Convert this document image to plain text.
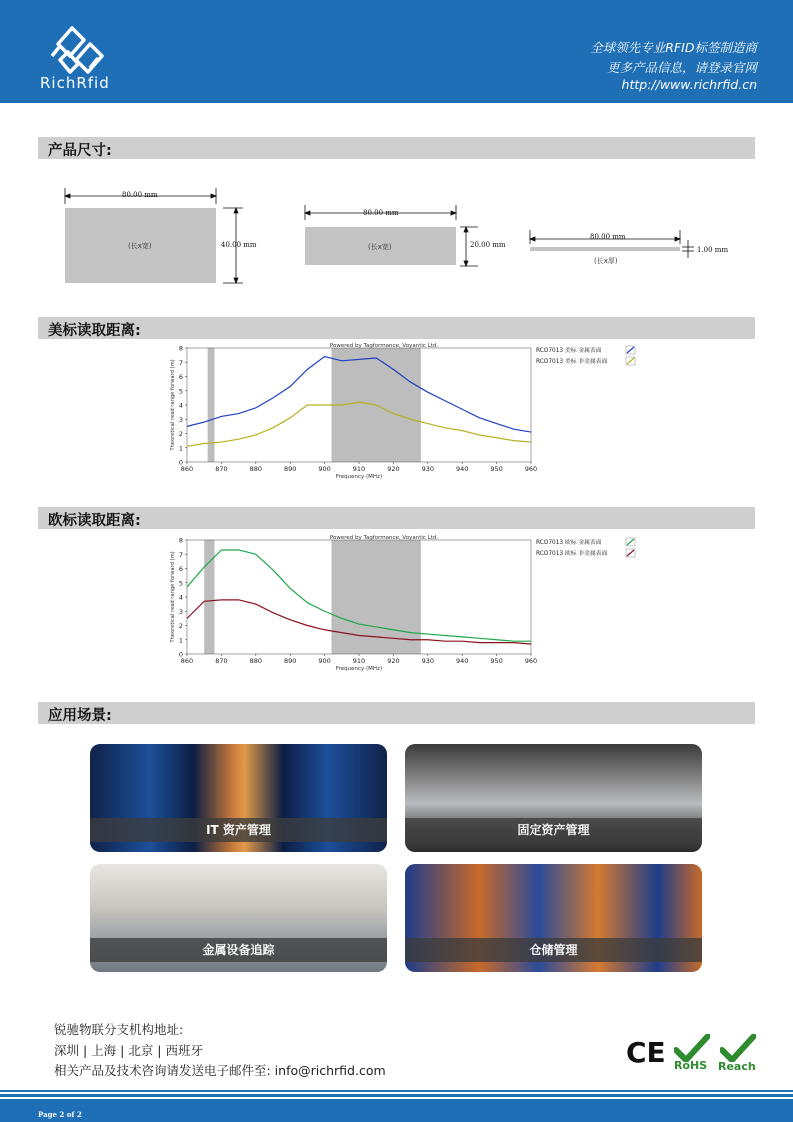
RichRfid
全球领先专业RFID标签制造商
更多产品信息，请登录官网
http://www.richrfid.cn
产品尺寸:
(长x宽)
80.00 mm
40.00 mm	(长x宽)
80.00 mm
20.00 mm
(长x厚)
80.00 mm
1.00 mm
美标读取距离:
0
1
2
3
4
5
6
7
8
860	870	880	890	900	910	920	930	940	950	960
Powered by Tagformance, Voyantic Ltd.
Frequency (MHz)
Theoretical read range forward (m)
RCO7013 美标 金属表面
RCO7013 美标 非金属表面
欧标读取距离:
0
1
2
3
4
5
6
7
8
860	870	880	890	900	910	920	930	940	950	960
Powered by Tagformance, Voyantic Ltd.
Frequency (MHz)
Theoretical read range forward (m)
RCO7013 欧标 金属表面
RCO7013 欧标 非金属表面
应用场景:
IT 资产管理	固定资产管理
金属设备追踪	仓储管理
锐驰物联分支机构地址:
深圳 | 上海 | 北京 | 西班牙
相关产品及技术咨询请发送电子邮件至: info@richrfid.com
CE RoHS Reach
Page 2 of 2
